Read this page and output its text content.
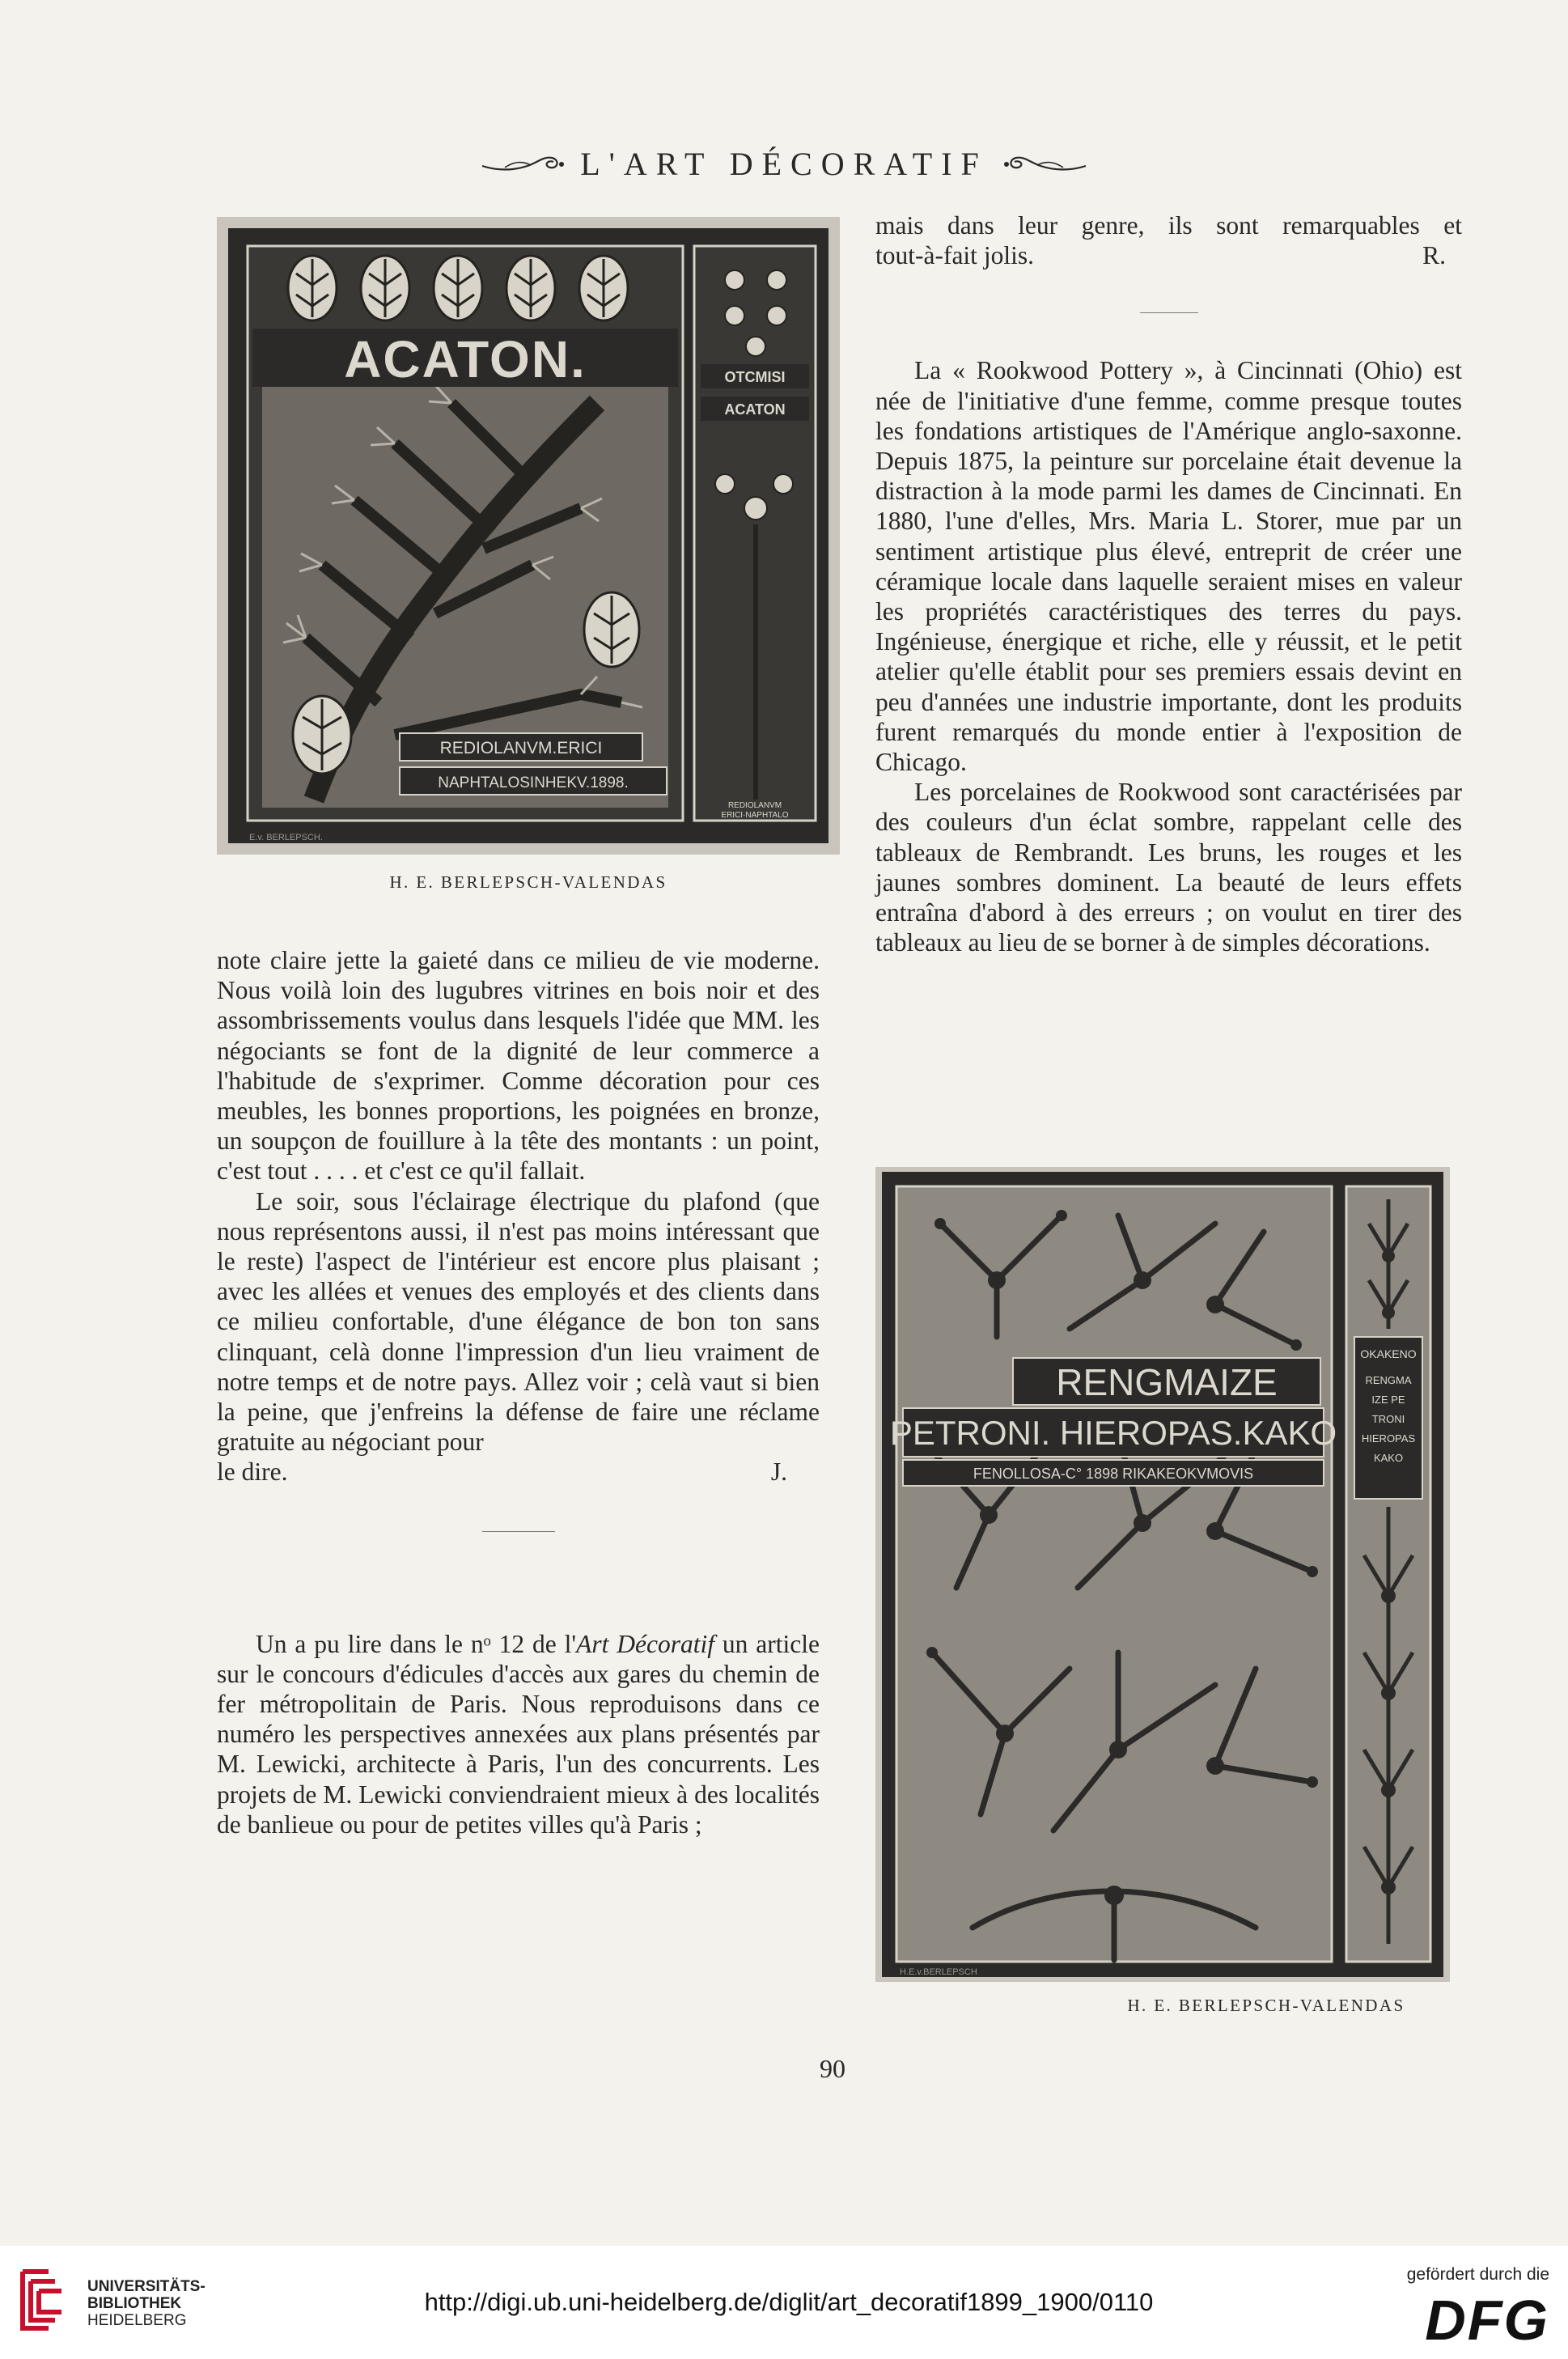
L'ART DÉCORATIF
ACATON.
REDIOLANVM.ERICI
NAPHTALOSINHEKV.1898.
OTCMISI
ACATON
REDIOLANVM
ERICI·NAPHTALO
E.v. BERLEPSCH.
H. E. BERLEPSCH-VALENDAS

mais dans leur genre, ils sont remarquables et

tout-à-fait jolis.	R.

La « Rookwood Pottery », à Cincinnati (Ohio) est née de l'initiative d'une femme, comme presque toutes les fondations artistiques de l'Amérique anglo-saxonne. Depuis 1875, la peinture sur porcelaine était devenue la distraction à la mode parmi les dames de Cincinnati. En 1880, l'une d'elles, Mrs. Maria L. Storer, mue par un sentiment artistique plus élevé, entreprit de créer une céramique locale dans laquelle seraient mises en valeur les propriétés caractéristiques des terres du pays. Ingénieuse, énergique et riche, elle y réussit, et le petit atelier qu'elle établit pour ses premiers essais devint en peu d'années une industrie importante, dont les produits furent remarqués du monde entier à l'exposition de Chicago.

Les porcelaines de Rookwood sont caractérisées par des couleurs d'un éclat sombre, rappelant celle des tableaux de Rembrandt. Les bruns, les rouges et les jaunes sombres dominent. La beauté de leurs effets entraîna d'abord à des erreurs ; on voulut en tirer des tableaux au lieu de se borner à de simples décorations.

note claire jette la gaieté dans ce milieu de vie moderne. Nous voilà loin des lugubres vitrines en bois noir et des assombrissements voulus dans lesquels l'idée que MM. les négociants se font de la dignité de leur commerce a l'habitude de s'exprimer. Comme décoration pour ces meubles, les bonnes proportions, les poignées en bronze, un soupçon de fouillure à la tête des montants : un point, c'est tout . . . . et c'est ce qu'il fallait.

Le soir, sous l'éclairage électrique du plafond (que nous représentons aussi, il n'est pas moins intéressant que le reste) l'aspect de l'intérieur est encore plus plaisant ; avec les allées et venues des employés et des clients dans ce milieu confortable, d'une élégance de bon ton sans clinquant, celà donne l'impression d'un lieu vraiment de notre temps et de notre pays. Allez voir ; celà vaut si bien la peine, que j'enfreins la défense de faire une réclame gratuite au négociant pour

le dire.	J.

Un a pu lire dans le nᵒ 12 de l'Art Décoratif un article sur le concours d'édicules d'accès aux gares du chemin de fer métropolitain de Paris. Nous reproduisons dans ce numéro les perspectives annexées aux plans présentés par M. Lewicki, architecte à Paris, l'un des concurrents. Les projets de M. Lewicki conviendraient mieux à des localités de banlieue ou pour de petites villes qu'à Paris ;

RENGMAIZE
PETRONI. HIEROPAS.KAKO
FENOLLOSA-C° 1898 RIKAKEOKVMOVIS
OKAKENO
RENGMA
IZE PE
TRONI
HIEROPAS
KAKO
H.E.v.BERLEPSCH
H. E. BERLEPSCH-VALENDAS
90
UNIVERSITÄTS-
BIBLIOTHEK
HEIDELBERG
http://digi.ub.uni-heidelberg.de/diglit/art_decoratif1899_1900/0110
gefördert durch die
DFG
